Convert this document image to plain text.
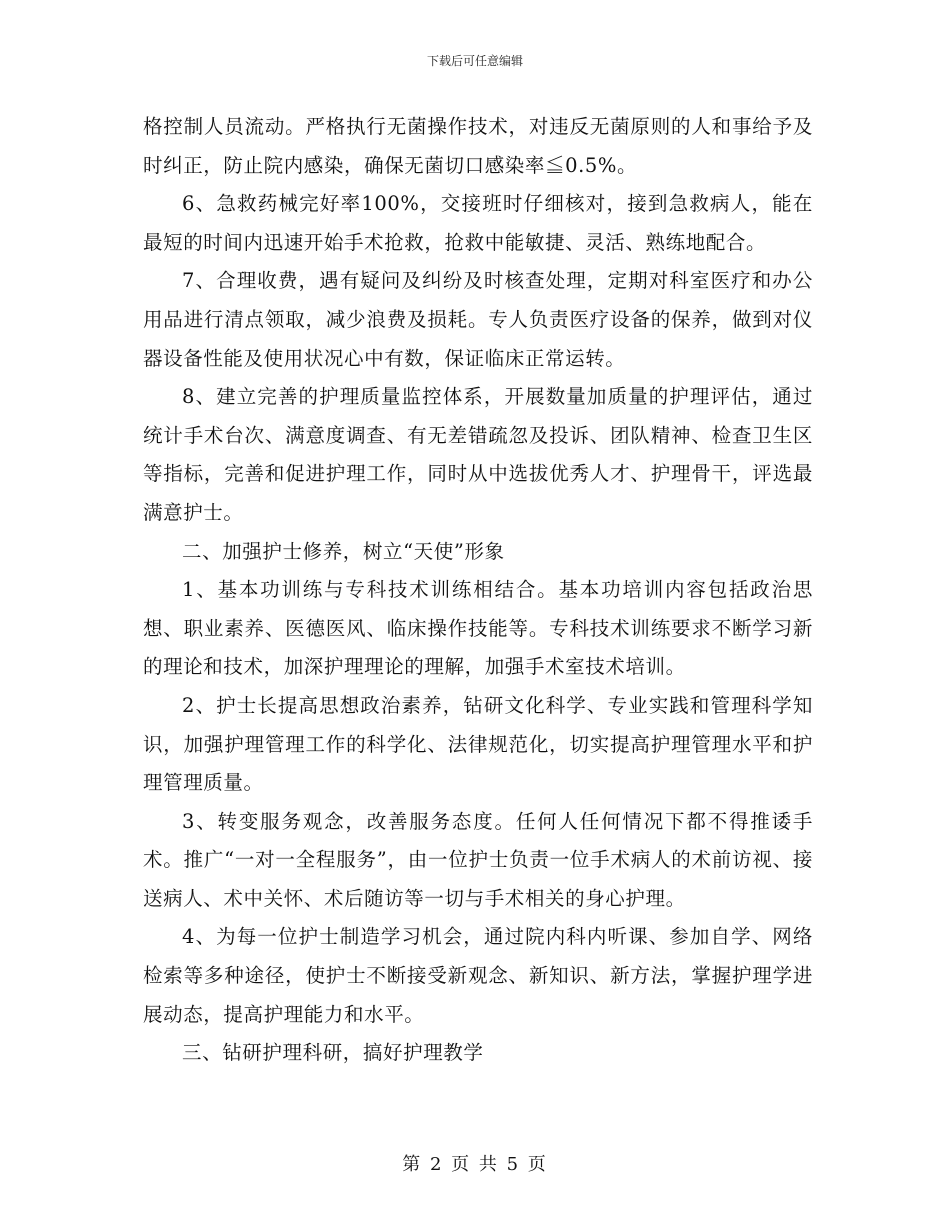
下载后可任意编辑

格控制人员流动。严格执行无菌操作技术，对违反无菌原则的人和事给予及时纠正，防止院内感染，确保无菌切口感染率≦0.5%。

6、急救药械完好率100%，交接班时仔细核对，接到急救病人，能在最短的时间内迅速开始手术抢救，抢救中能敏捷、灵活、熟练地配合。

7、合理收费，遇有疑问及纠纷及时核查处理，定期对科室医疗和办公用品进行清点领取，减少浪费及损耗。专人负责医疗设备的保养，做到对仪器设备性能及使用状况心中有数，保证临床正常运转。

8、建立完善的护理质量监控体系，开展数量加质量的护理评估，通过统计手术台次、满意度调查、有无差错疏忽及投诉、团队精神、检查卫生区等指标，完善和促进护理工作，同时从中选拔优秀人才、护理骨干，评选最满意护士。

二、加强护士修养，树立“天使”形象

1、基本功训练与专科技术训练相结合。基本功培训内容包括政治思想、职业素养、医德医风、临床操作技能等。专科技术训练要求不断学习新的理论和技术，加深护理理论的理解，加强手术室技术培训。

2、护士长提高思想政治素养，钻研文化科学、专业实践和管理科学知识，加强护理管理工作的科学化、法律规范化，切实提高护理管理水平和护理管理质量。

3、转变服务观念，改善服务态度。任何人任何情况下都不得推诿手术。推广“一对一全程服务”，由一位护士负责一位手术病人的术前访视、接送病人、术中关怀、术后随访等一切与手术相关的身心护理。

4、为每一位护士制造学习机会，通过院内科内听课、参加自学、网络检索等多种途径，使护士不断接受新观念、新知识、新方法，掌握护理学进展动态，提高护理能力和水平。

三、钻研护理科研，搞好护理教学

第 2 页 共 5 页
